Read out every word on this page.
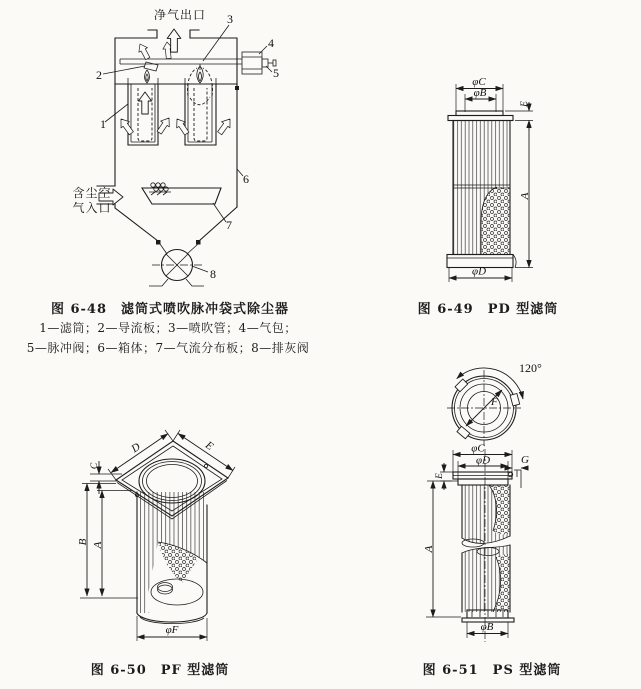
净气出口
含尘空
气入口
1
2
3
4
5
6
7
8
φC
φB
E
A
φD
D	E
C
B A
φF
120°
F
φC
φD	G
E
A
φB
图 6-48 滤筒式喷吹脉冲袋式除尘器
1—滤筒；2—导流板；3—喷吹管；4—气包；
5—脉冲阀；6—箱体；7—气流分布板；8—排灰阀
图 6-49 PD 型滤筒
图 6-50 PF 型滤筒	图 6-51 PS 型滤筒
